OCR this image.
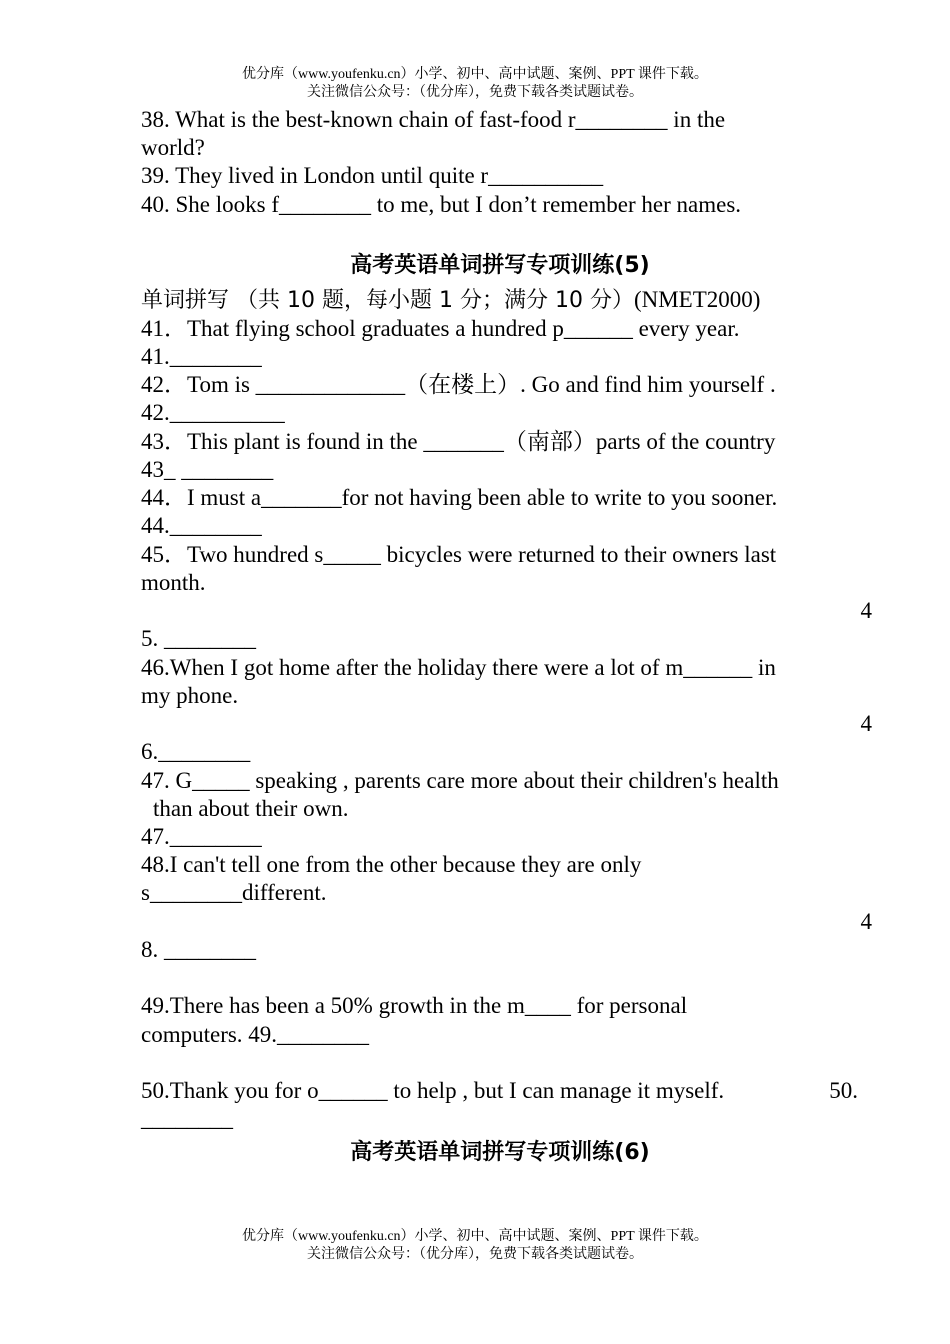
优分库（www.youfenku.cn）小学、初中、高中试题、案例、PPT 课件下载。
关注微信公众号：（优分库），免费下载各类试题试卷。
38. What is the best-known chain of fast-food r________ in the
world?
39. They lived in London until quite r__________
40. She looks f________ to me, but I don’t remember her names.
高考英语单词拼写专项训练(5)
单词拼写 （共 10 题，每小题 1 分；满分 10 分）(NMET2000)
41．That flying school graduates a hundred p______ every year.
41.________
42．Tom is _____________（在楼上）. Go and find him yourself .
42.__________
43．This plant is found in the _______（南部）parts of the country
43_ ________
44．I must a_______for not having been able to write to you sooner.
44.________
45．Two hundred s_____ bicycles were returned to their owners last
month.
4
5. ________
46.When I got home after the holiday there were a lot of m______ in
my phone.
4
6.________
47. G_____ speaking , parents care more about their children's health
than about their own.
47.________
48.I can't tell one from the other because they are only
s________different.
4
8. ________
49.There has been a 50% growth in the m____ for personal
computers. 49.________
50.Thank you for o______ to help , but I can manage it myself.	50.
________
高考英语单词拼写专项训练(6)
优分库（www.youfenku.cn）小学、初中、高中试题、案例、PPT 课件下载。
关注微信公众号：（优分库），免费下载各类试题试卷。
